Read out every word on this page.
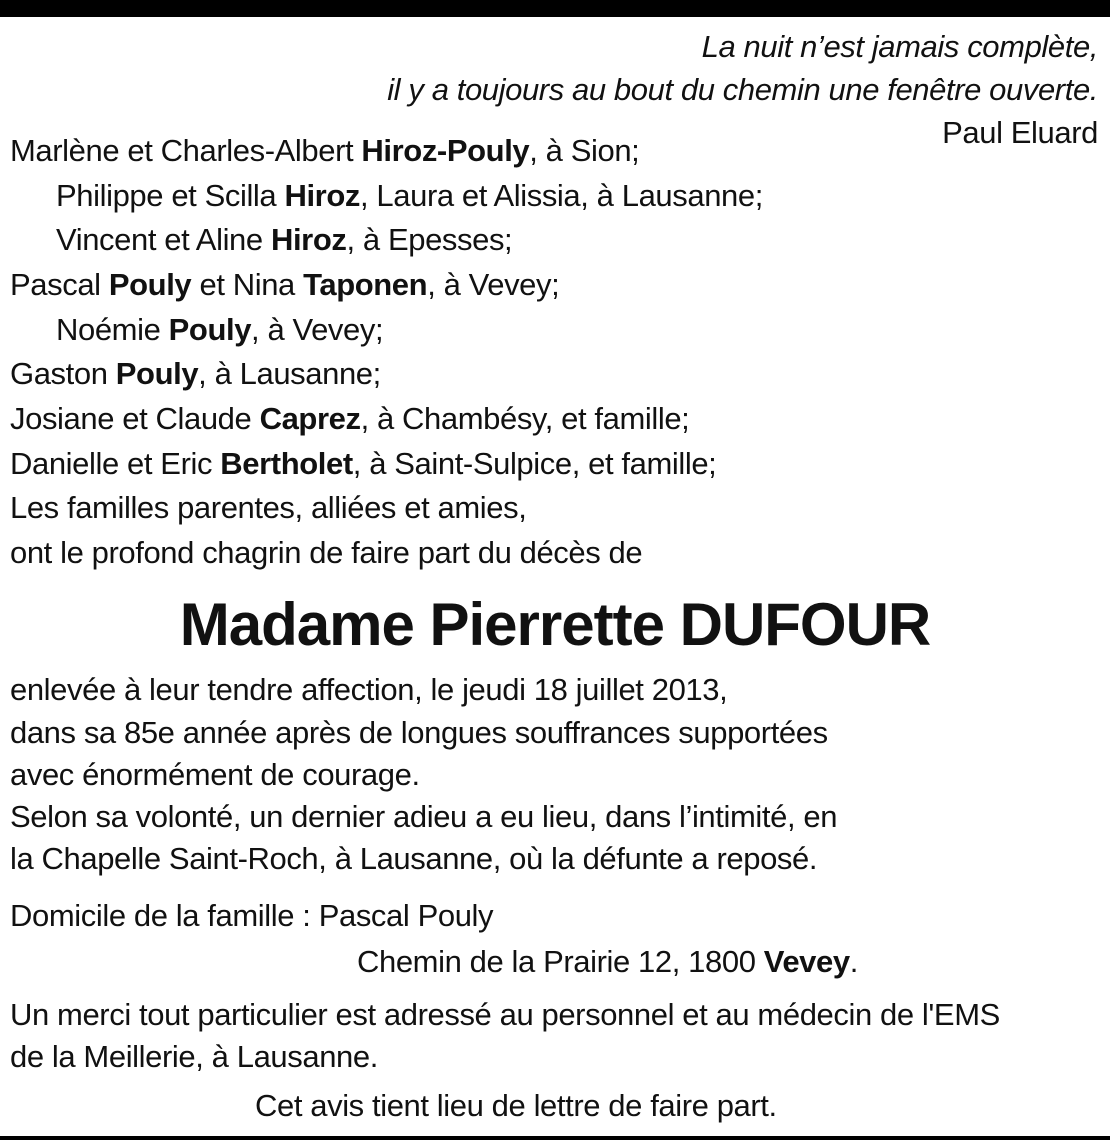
La nuit n’est jamais complète,
il y a toujours au bout du chemin une fenêtre ouverte.
Paul Eluard
Marlène et Charles-Albert Hiroz-Pouly, à Sion;
Philippe et Scilla Hiroz, Laura et Alissia, à Lausanne;
Vincent et Aline Hiroz, à Epesses;
Pascal Pouly et Nina Taponen, à Vevey;
Noémie Pouly, à Vevey;
Gaston Pouly, à Lausanne;
Josiane et Claude Caprez, à Chambésy, et famille;
Danielle et Eric Bertholet, à Saint-Sulpice, et famille;
Les familles parentes, alliées et amies,
ont le profond chagrin de faire part du décès de
Madame Pierrette DUFOUR
enlevée à leur tendre affection, le jeudi 18 juillet 2013,
dans sa 85e année après de longues souffrances supportées
avec énormément de courage.
Selon sa volonté, un dernier adieu a eu lieu, dans l’intimité, en
la Chapelle Saint-Roch, à Lausanne, où la défunte a reposé.
Domicile de la famille : Pascal Pouly
Chemin de la Prairie 12, 1800 Vevey.
Un merci tout particulier est adressé au personnel et au médecin de l'EMS
de la Meillerie, à Lausanne.
Cet avis tient lieu de lettre de faire part.
